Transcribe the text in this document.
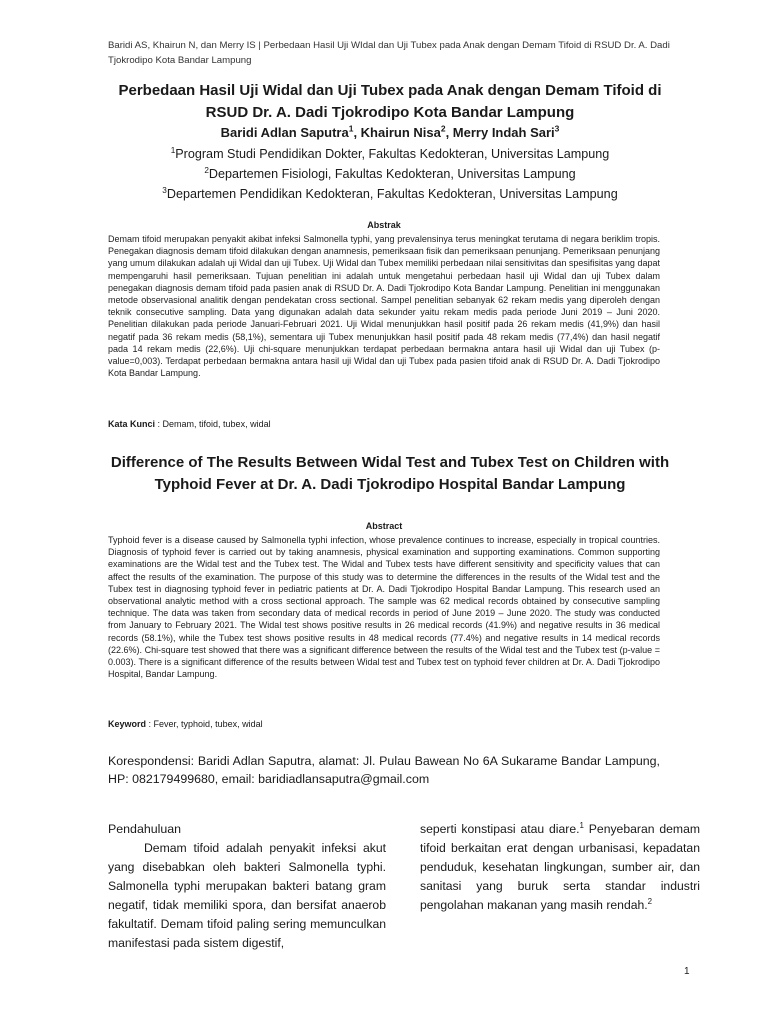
Baridi AS, Khairun N, dan Merry IS | Perbedaan Hasil Uji WIdal dan Uji Tubex pada Anak dengan Demam Tifoid di RSUD Dr. A. Dadi Tjokrodipo Kota Bandar Lampung
Perbedaan Hasil Uji Widal dan Uji Tubex pada Anak dengan Demam Tifoid di RSUD Dr. A. Dadi Tjokrodipo Kota Bandar Lampung
Baridi Adlan Saputra$^1$, Khairun Nisa$^2$, Merry Indah Sari$^3$
$^1$Program Studi Pendidikan Dokter, Fakultas Kedokteran, Universitas Lampung
$^2$Departemen Fisiologi, Fakultas Kedokteran, Universitas Lampung
$^3$Departemen Pendidikan Kedokteran, Fakultas Kedokteran, Universitas Lampung
Abstrak
Demam tifoid merupakan penyakit akibat infeksi Salmonella typhi, yang prevalensinya terus meningkat terutama di negara beriklim tropis. Penegakan diagnosis demam tifoid dilakukan dengan anamnesis, pemeriksaan fisik dan pemeriksaan penunjang. Pemeriksaan penunjang yang umum dilakukan adalah uji Widal dan uji Tubex. Uji Widal dan Tubex memiliki perbedaan nilai sensitivitas dan spesifisitas yang dapat mempengaruhi hasil pemeriksaan. Tujuan penelitian ini adalah untuk mengetahui perbedaan hasil uji Widal dan uji Tubex dalam penegakan diagnosis demam tifoid pada pasien anak di RSUD Dr. A. Dadi Tjokrodipo Kota Bandar Lampung. Penelitian ini menggunakan metode observasional analitik dengan pendekatan cross sectional. Sampel penelitian sebanyak 62 rekam medis yang diperoleh dengan teknik consecutive sampling. Data yang digunakan adalah data sekunder yaitu rekam medis pada periode Juni 2019 – Juni 2020. Penelitian dilakukan pada periode Januari-Februari 2021. Uji Widal menunjukkan hasil positif pada 26 rekam medis (41,9%) dan hasil negatif pada 36 rekam medis (58,1%), sementara uji Tubex menunjukkan hasil positif pada 48 rekam medis (77,4%) dan hasil negatif pada 14 rekam medis (22,6%). Uji chi-square menunjukkan terdapat perbedaan bermakna antara hasil uji Widal dan uji Tubex (p-value=0,003). Terdapat perbedaan bermakna antara hasil uji Widal dan uji Tubex pada pasien tifoid anak di RSUD Dr. A. Dadi Tjokrodipo Kota Bandar Lampung.
Kata Kunci : Demam, tifoid, tubex, widal
Difference of The Results Between Widal Test and Tubex Test on Children with Typhoid Fever at Dr. A. Dadi Tjokrodipo Hospital Bandar Lampung
Abstract
Typhoid fever is a disease caused by Salmonella typhi infection, whose prevalence continues to increase, especially in tropical countries. Diagnosis of typhoid fever is carried out by taking anamnesis, physical examination and supporting examinations. Common supporting examinations are the Widal test and the Tubex test. The Widal and Tubex tests have different sensitivity and specificity values that can affect the results of the examination. The purpose of this study was to determine the differences in the results of the Widal test and the Tubex test in diagnosing typhoid fever in pediatric patients at Dr. A. Dadi Tjokrodipo Hospital Bandar Lampung. This research used an observational analytic method with a cross sectional approach. The sample was 62 medical records obtained by consecutive sampling technique. The data was taken from secondary data of medical records in period of June 2019 – June 2020. The study was conducted from January to February 2021. The Widal test shows positive results in 26 medical records (41.9%) and negative results in 36 medical records (58.1%), while the Tubex test shows positive results in 48 medical records (77.4%) and negative results in 14 medical records (22.6%). Chi-square test showed that there was a significant difference between the results of the Widal test and the Tubex test (p-value = 0.003). There is a significant difference of the results between Widal test and Tubex test on typhoid fever children at Dr. A. Dadi Tjokrodipo Hospital, Bandar Lampung.
Keyword : Fever, typhoid, tubex, widal
Korespondensi: Baridi Adlan Saputra, alamat: Jl. Pulau Bawean No 6A Sukarame Bandar Lampung, HP: 082179499680, email: baridiadlansaputra@gmail.com

Pendahuluan

Demam tifoid adalah penyakit infeksi akut yang disebabkan oleh bakteri Salmonella typhi. Salmonella typhi merupakan bakteri batang gram negatif, tidak memiliki spora, dan bersifat anaerob fakultatif. Demam tifoid paling sering memunculkan manifestasi pada sistem digestif,

seperti konstipasi atau diare.$^1$ Penyebaran demam tifoid berkaitan erat dengan urbanisasi, kepadatan penduduk, kesehatan lingkungan, sumber air, dan sanitasi yang buruk serta standar industri pengolahan makanan yang masih rendah.$^2$

1
